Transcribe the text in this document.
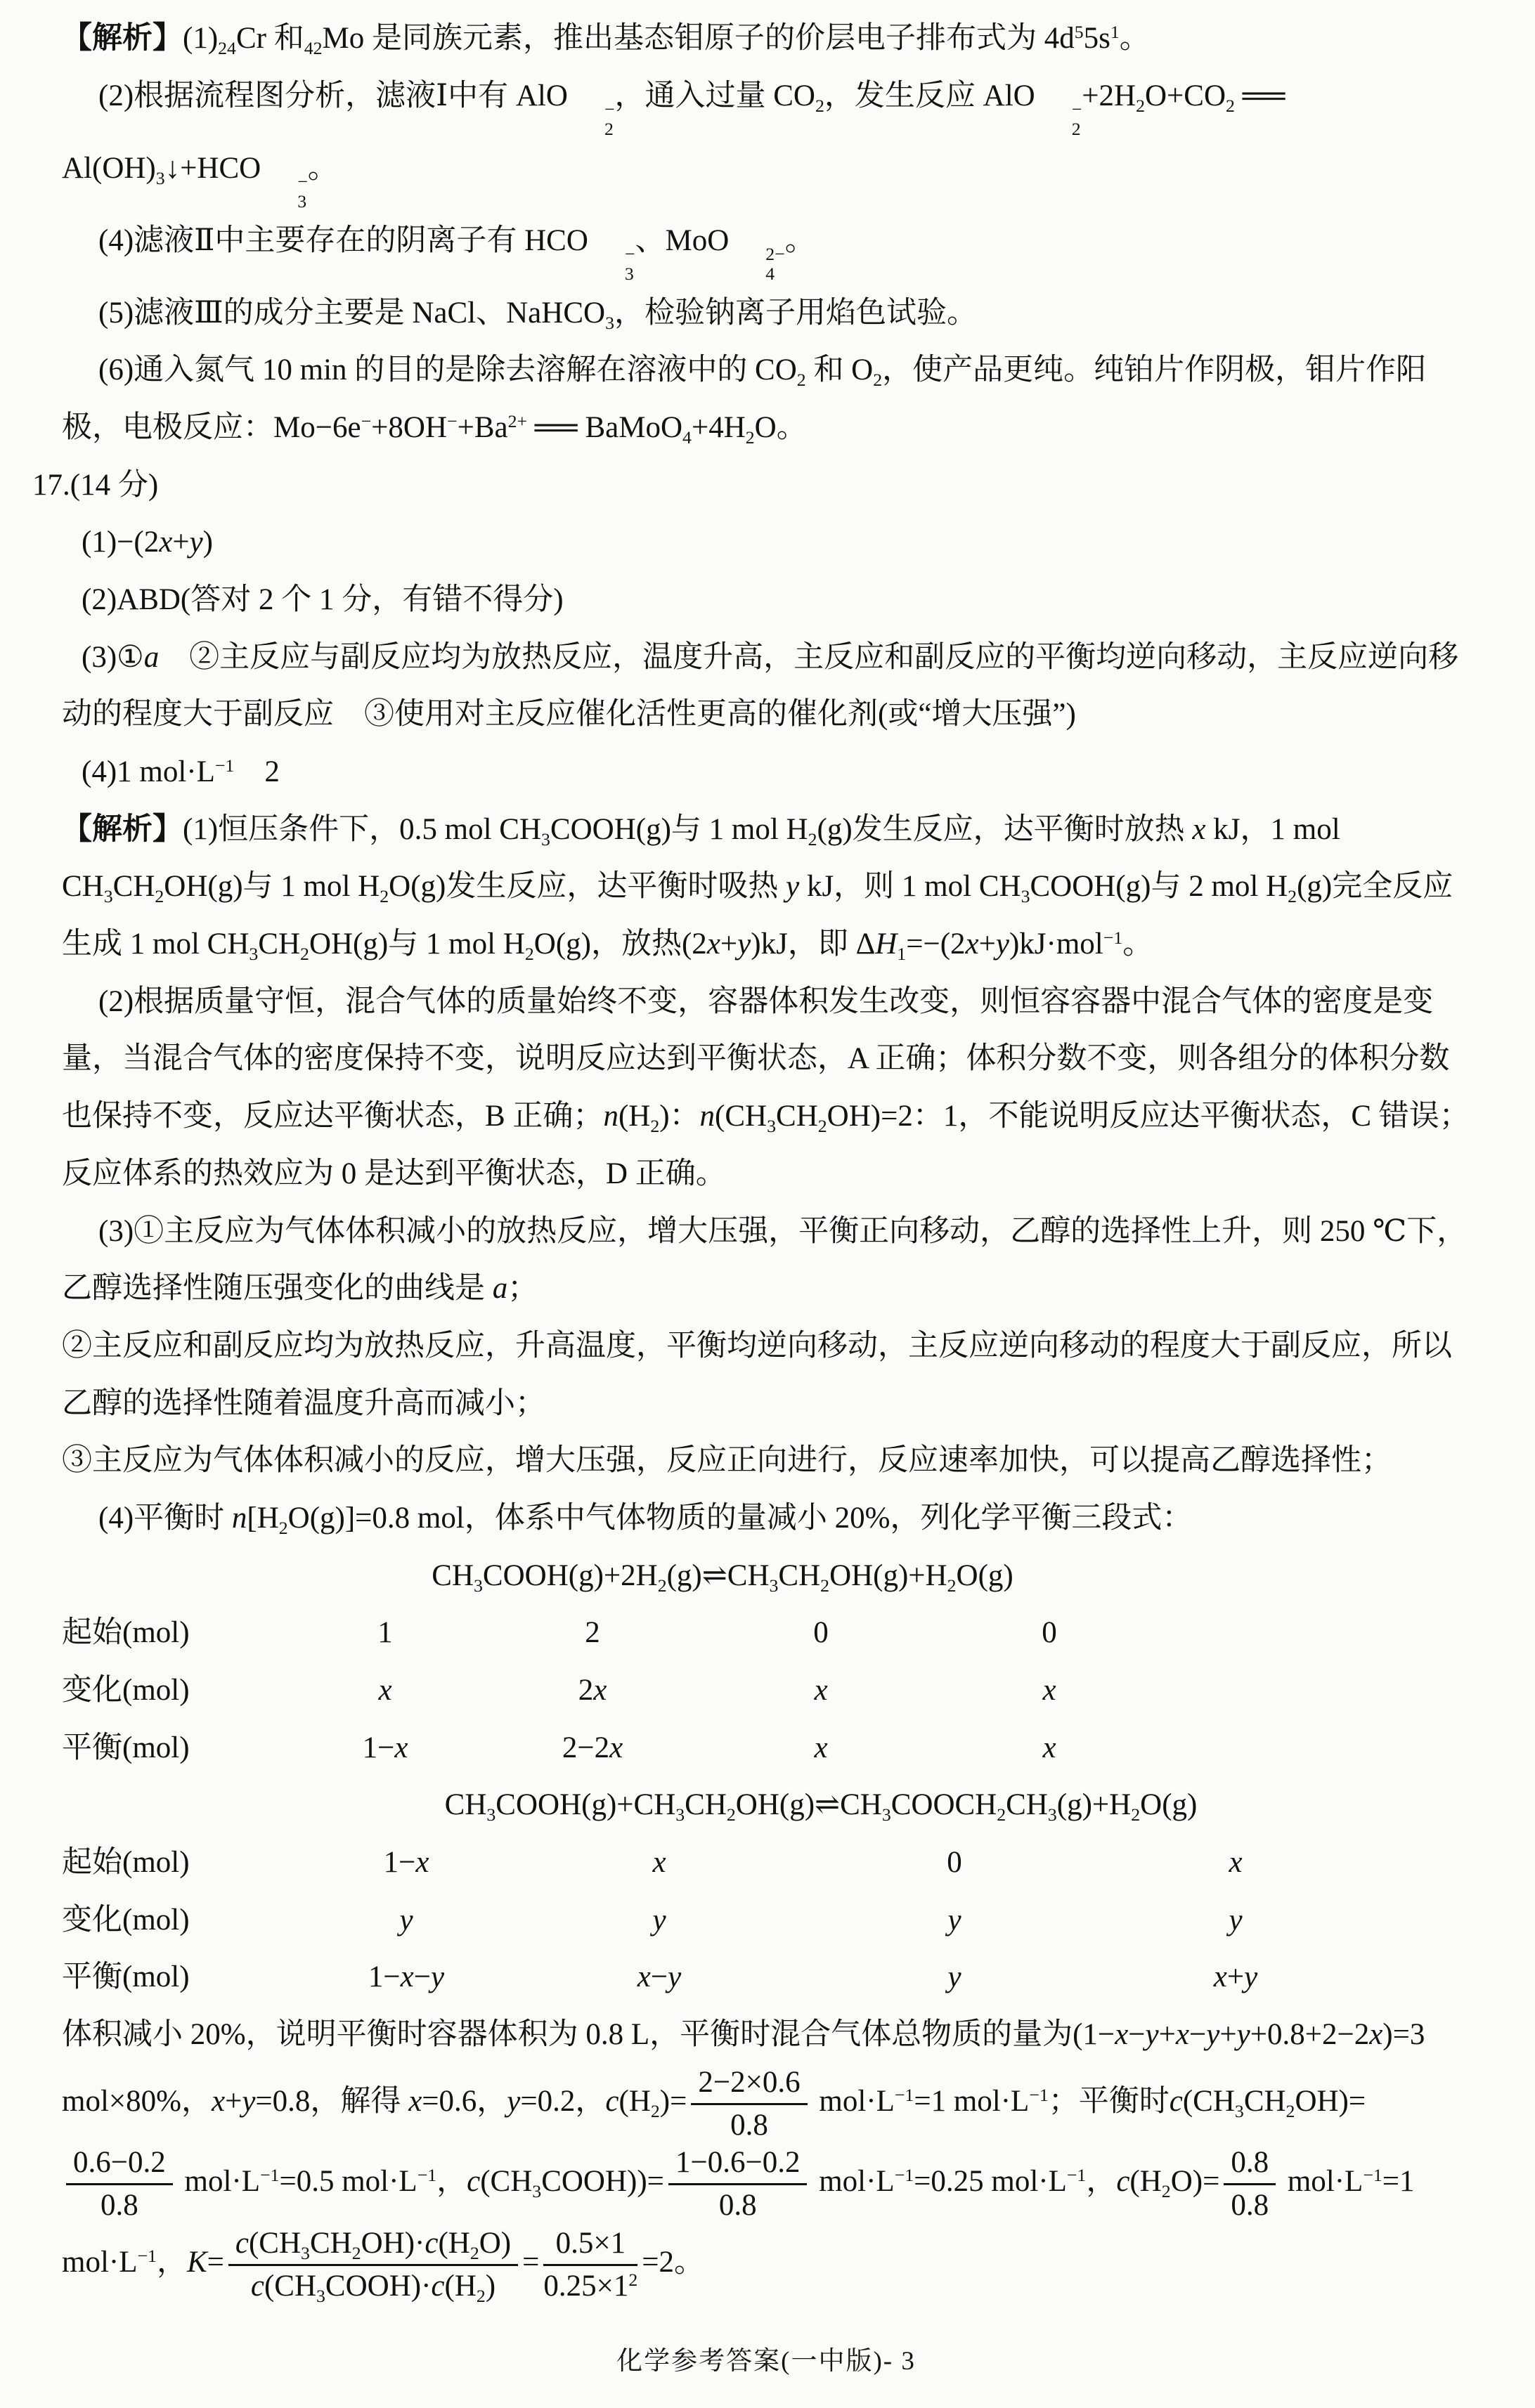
【解析】$(1)_{24}Cr$ 和$_{42}$Mo 是同族元素，推出基态钼原子的价层电子排布式为 $4d^55s^1$。

(2)根据流程图分析，滤液Ⅰ中有 AlO	−
2
，通入过量 $CO_2$，发生反应 AlO	−
2
$+2H_2O+CO_2$ ══ $Al(OH)_3↓+HCO$	−
3
。

(4)滤液Ⅱ中主要存在的阴离子有 HCO	−
3
、MoO	2−
4
。

(5)滤液Ⅲ的成分主要是 NaCl、NaHCO$_3$，检验钠离子用焰色试验。

(6)通入氮气 10 min 的目的是除去溶解在溶液中的 $CO_2$ 和 $O_2$，使产品更纯。纯铂片作阴极，钼片作阳极，电极反应：$Mo-6e^-+8OH^-+Ba^{2+}$ ══ $BaMoO_4+4H_2O$。

17.(14 分)

(1)−(2x+y)

(2)ABD(答对 2 个 1 分，有错不得分)

(3)①a　②主反应与副反应均为放热反应，温度升高，主反应和副反应的平衡均逆向移动，主反应逆向移动的程度大于副反应　③使用对主反应催化活性更高的催化剂(或“增大压强”)

(4)1 $mol\cdot L^{-1}$　2

【解析】(1)恒压条件下，0.5 mol $CH_3COOH(g)$与 1 mol $H_2(g)$发生反应，达平衡时放热 x kJ，1 mol $CH_3CH_2OH(g)$与 1 mol $H_2O(g)$发生反应，达平衡时吸热 y kJ，则 1 mol $CH_3COOH(g)$与 2 mol $H_2(g)$完全反应生成 1 mol $CH_3CH_2OH(g)$与 1 mol $H_2O(g)$，放热(2x+y)kJ，即 $\Delta H_1=-(2x+y)kJ\cdot mol^{-1}$。

(2)根据质量守恒，混合气体的质量始终不变，容器体积发生改变，则恒容容器中混合气体的密度是变量，当混合气体的密度保持不变，说明反应达到平衡状态，A 正确；体积分数不变，则各组分的体积分数也保持不变，反应达平衡状态，B 正确；$n(H_2)$：$n(CH_3CH_2OH)=2$：1，不能说明反应达平衡状态，C 错误；反应体系的热效应为 0 是达到平衡状态，D 正确。

(3)①主反应为气体体积减小的放热反应，增大压强，平衡正向移动，乙醇的选择性上升，则 250 ℃下，乙醇选择性随压强变化的曲线是 a；

②主反应和副反应均为放热反应，升高温度，平衡均逆向移动，主反应逆向移动的程度大于副反应，所以乙醇的选择性随着温度升高而减小；

③主反应为气体体积减小的反应，增大压强，反应正向进行，反应速率加快，可以提高乙醇选择性；

(4)平衡时 $n[H_2O(g)]=0.8$ mol，体系中气体物质的量减小 20%，列化学平衡三段式：

$CH_3COOH(g)+2H_2(g)\rightleftharpoons CH_3CH_2OH(g)+H_2O(g)$
起始(mol)	1	2	0	0
变化(mol)	x	2x	x	x
平衡(mol)	1−x	2−2x	x	x
$CH_3COOH(g)+CH_3CH_2OH(g)\rightleftharpoons CH_3COOCH_2CH_3(g)+H_2O(g)$
起始(mol)	1−x	x	0	x
变化(mol)	y	y	y	y
平衡(mol)	1−x−y	x−y	y	x+y

体积减小 20%，说明平衡时容器体积为 0.8 L，平衡时混合气体总物质的量为(1−x−y+x−y+y+0.8+2−2x)=3 mol×80%，x+y=0.8，解得 x=0.6，y=0.2，$c(H_2)= \frac{2-2\times 0.6}{0.8} mol\cdot L^{-1}=1$ $mol\cdot L^{-1}$；平衡时$c(CH_3CH_2OH)=$
$\frac{0.6-0.2}{0.8} mol\cdot L^{-1}=0.5$ $mol\cdot L^{-1}$，$c(CH_3COOH))= \frac{1-0.6-0.2}{0.8} mol\cdot L^{-1}=0.25$ $mol\cdot L^{-1}$，$c(H_2O)= \frac{0.8}{0.8} mol\cdot L^{-1}=1$ $mol\cdot L^{-1}$，$K= \frac{c(CH_3CH_2OH)\cdot c(H_2O)}{c(CH_3COOH)\cdot c(H_2)} = \frac{0.5\times 1}{0.25\times 1^2} =2$。

化学参考答案(一中版)- 3
